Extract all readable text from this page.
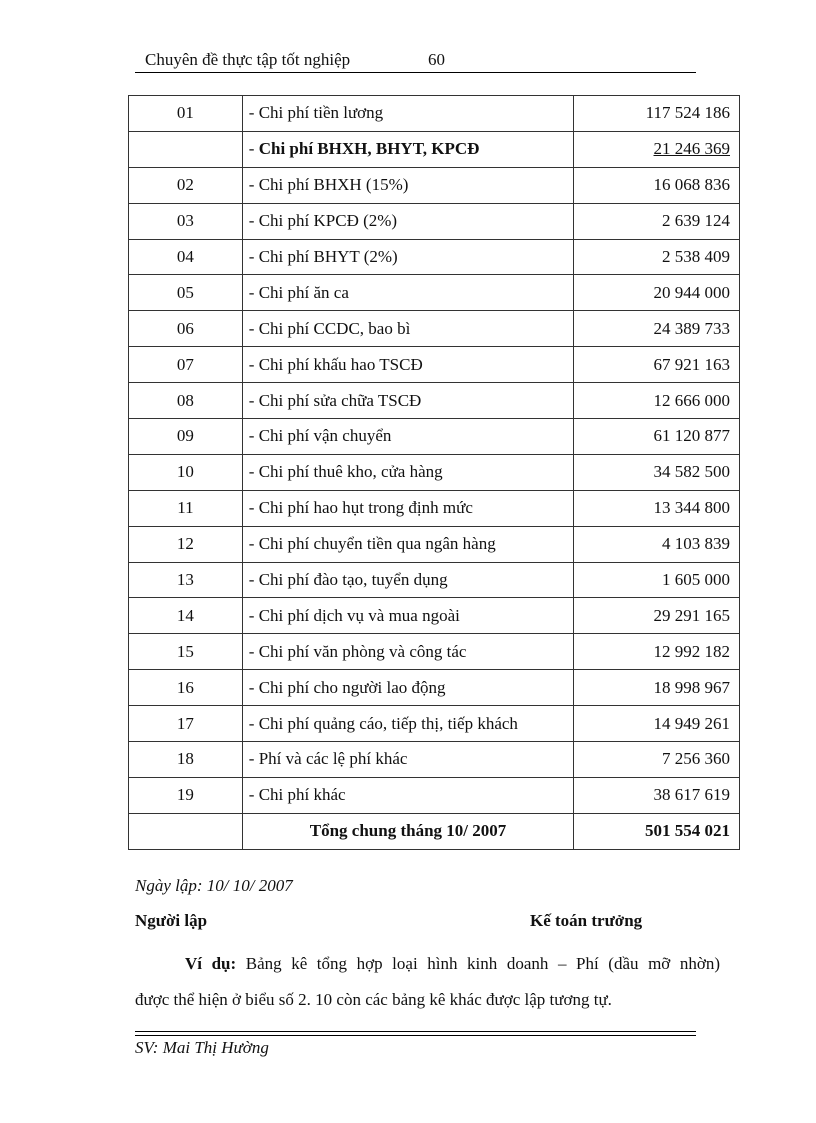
Chuyên đề thực tập tốt nghiệp	60
01	- Chi phí tiền lương	117 524 186
	- Chi phí BHXH, BHYT, KPCĐ	21 246 369
02	- Chi phí BHXH (15%)	16 068 836
03	- Chi phí KPCĐ (2%)	2 639 124
04	- Chi phí BHYT (2%)	2 538 409
05	- Chi phí ăn ca	20 944 000
06	- Chi phí CCDC, bao bì	24 389 733
07	- Chi phí khấu hao TSCĐ	67 921 163
08	- Chi phí sửa chữa TSCĐ	12 666 000
09	- Chi phí vận chuyển	61 120 877
10	- Chi phí thuê kho, cửa hàng	34 582 500
11	- Chi phí hao hụt trong định mức	13 344 800
12	- Chi phí chuyển tiền qua ngân hàng	4 103 839
13	- Chi phí đào tạo, tuyển dụng	1 605 000
14	- Chi phí dịch vụ và mua ngoài	29 291 165
15	- Chi phí văn phòng và công tác	12 992 182
16	- Chi phí cho người lao động	18 998 967
17	- Chi phí quảng cáo, tiếp thị, tiếp khách	14 949 261
18	- Phí và các lệ phí khác	7 256 360
19	- Chi phí khác	38 617 619
	Tổng chung tháng 10/ 2007	501 554 021
Ngày lập: 10/ 10/ 2007
Người lập	Kế toán trưởng
Ví dụ: Bảng kê tổng hợp loại hình kinh doanh – Phí (dầu mỡ nhờn)
được thể hiện ở biểu số 2. 10 còn các bảng kê khác được lập tương tự.
SV: Mai Thị Hường
